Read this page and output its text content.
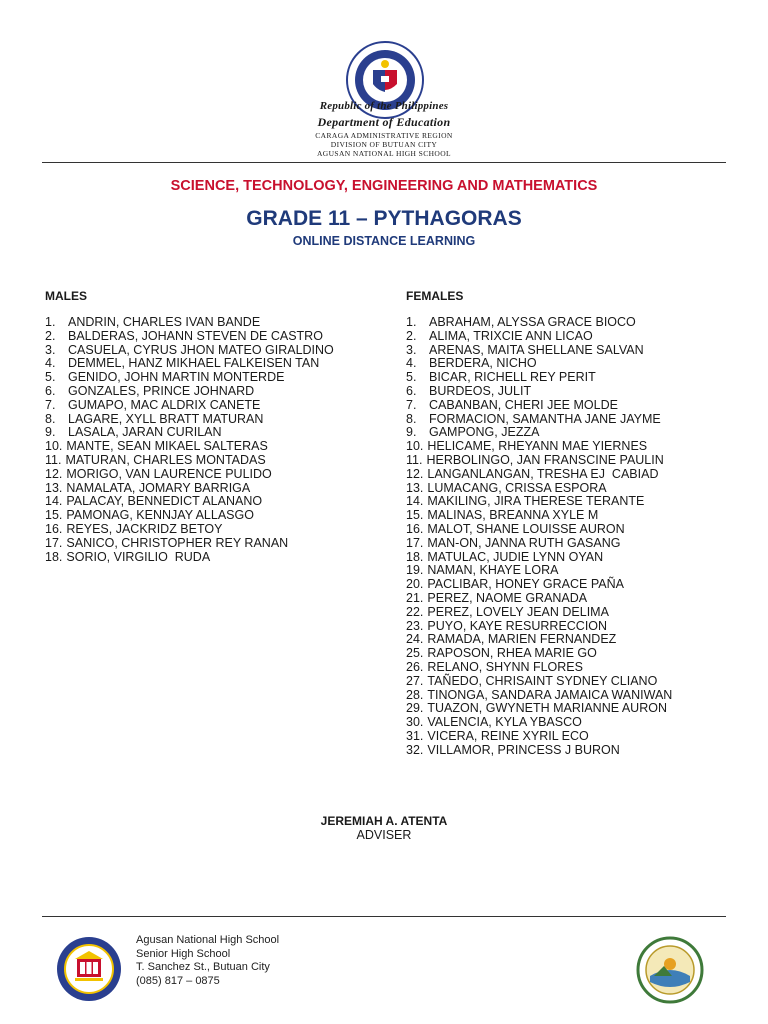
Republic of the Philippines
Department of Education
CARAGA ADMINISTRATIVE REGION
DIVISION OF BUTUAN CITY
AGUSAN NATIONAL HIGH SCHOOL
SCIENCE, TECHNOLOGY, ENGINEERING AND MATHEMATICS
GRADE 11 – PYTHAGORAS
ONLINE DISTANCE LEARNING
MALES	FEMALES
1.	ANDRIN, CHARLES IVAN BANDE
2.	BALDERAS, JOHANN STEVEN DE CASTRO
3.	CASUELA, CYRUS JHON MATEO GIRALDINO
4.	DEMMEL, HANZ MIKHAEL FALKEISEN TAN
5.	GENIDO, JOHN MARTIN MONTERDE
6.	GONZALES, PRINCE JOHNARD
7.	GUMAPO, MAC ALDRIX CANETE
8.	LAGARE, XYLL BRATT MATURAN
9.	LASALA, JARAN CURILAN
10. MANTE, SEAN MIKAEL SALTERAS
11. MATURAN, CHARLES MONTADAS
12. MORIGO, VAN LAURENCE PULIDO
13. NAMALATA, JOMARY BARRIGA
14. PALACAY, BENNEDICT ALANANO
15. PAMONAG, KENNJAY ALLASGO
16. REYES, JACKRIDZ BETOY
17. SANICO, CHRISTOPHER REY RANAN
18. SORIO, VIRGILIO  RUDA
1.	ABRAHAM, ALYSSA GRACE BIOCO
2.	ALIMA, TRIXCIE ANN LICAO
3.	ARENAS, MAITA SHELLANE SALVAN
4.	BERDERA, NICHO
5.	BICAR, RICHELL REY PERIT
6.	BURDEOS, JULIT
7.	CABANBAN, CHERI JEE MOLDE
8.	FORMACION, SAMANTHA JANE JAYME
9.	GAMPONG, JEZZA
10. HELICAME, RHEYANN MAE YIERNES
11. HERBOLINGO, JAN FRANSCINE PAULIN
12. LANGANLANGAN, TRESHA EJ  CABIAD
13. LUMACANG, CRISSA ESPORA
14. MAKILING, JIRA THERESE TERANTE
15. MALINAS, BREANNA XYLE M
16. MALOT, SHANE LOUISSE AURON
17. MAN-ON, JANNA RUTH GASANG
18. MATULAC, JUDIE LYNN OYAN
19. NAMAN, KHAYE LORA
20. PACLIBAR, HONEY GRACE PAÑA
21. PEREZ, NAOME GRANADA
22. PEREZ, LOVELY JEAN DELIMA
23. PUYO, KAYE RESURRECCION
24. RAMADA, MARIEN FERNANDEZ
25. RAPOSON, RHEA MARIE GO
26. RELANO, SHYNN FLORES
27. TAÑEDO, CHRISAINT SYDNEY CLIANO
28. TINONGA, SANDARA JAMAICA WANIWAN
29. TUAZON, GWYNETH MARIANNE AURON
30. VALENCIA, KYLA YBASCO
31. VICERA, REINE XYRIL ECO
32. VILLAMOR, PRINCESS J BURON
JEREMIAH A. ATENTA
ADVISER
Agusan National High School
Senior High School
T. Sanchez St., Butuan City
(085) 817 – 0875
